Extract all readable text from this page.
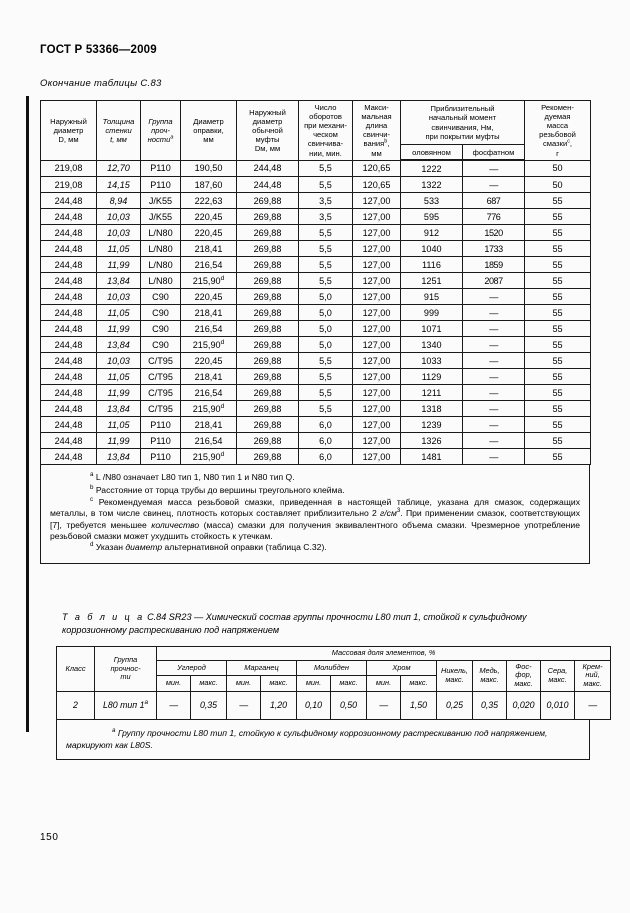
ГОСТ Р 53366—2009
Окончание таблицы С.83
Наружный
диаметр
D, мм	Толщина
стенки
t, мм	Группа
проч-
ности$^a$	Диаметр
оправки,
мм	Наружный
диаметр
обычной
муфты
Dм, мм	Число
оборотов
при механи-
ческом
свинчива-
нии, мин.	Макси-
мальная
длина
свинчи-
вания$^b$,
мм	Приблизительный
начальный момент
свинчивания, Нм,
при покрытии муфты	Рекомен-
дуемая
масса
резьбовой
смазки$^c$,
г
							оловянном	фосфатном	
219,08	12,70	P110	190,50	244,48	5,5	120,65	1222	—	50
219,08	14,15	P110	187,60	244,48	5,5	120,65	1322	—	50
244,48	8,94	J/K55	222,63	269,88	3,5	127,00	533	687	55
244,48	10,03	J/K55	220,45	269,88	3,5	127,00	595	776	55
244,48	10,03	L/N80	220,45	269,88	5,5	127,00	912	1520	55
244,48	11,05	L/N80	218,41	269,88	5,5	127,00	1040	1733	55
244,48	11,99	L/N80	216,54	269,88	5,5	127,00	1116	1859	55
244,48	13,84	L/N80	215,90$^d$	269,88	5,5	127,00	1251	2087	55
244,48	10,03	C90	220,45	269,88	5,0	127,00	915	—	55
244,48	11,05	C90	218,41	269,88	5,0	127,00	999	—	55
244,48	11,99	C90	216,54	269,88	5,0	127,00	1071	—	55
244,48	13,84	C90	215,90$^d$	269,88	5,0	127,00	1340	—	55
244,48	10,03	C/T95	220,45	269,88	5,5	127,00	1033	—	55
244,48	11,05	C/T95	218,41	269,88	5,5	127,00	1129	—	55
244,48	11,99	C/T95	216,54	269,88	5,5	127,00	1211	—	55
244,48	13,84	C/T95	215,90$^d$	269,88	5,5	127,00	1318	—	55
244,48	11,05	P110	218,41	269,88	6,0	127,00	1239	—	55
244,48	11,99	P110	216,54	269,88	6,0	127,00	1326	—	55
244,48	13,84	P110	215,90$^d$	269,88	6,0	127,00	1481	—	55

$^a$ L /N80 означает L80 тип 1, N80 тип 1 и N80 тип Q.

$^b$ Расстояние от торца трубы до вершины треугольного клейма.

$^c$ Рекомендуемая масса резьбовой смазки, приведенная в настоящей таблице, указана для смазок, содержащих металлы, в том числе свинец, плотность которых составляет приблизительно 2 $г/см^3$. При применении смазок, соответствующих [7], требуется меньшее количество (масса) смазки для получения эквивалентного объема смазки. Чрезмерное употребление резьбовой смазки может ухудшить стойкость к утечкам.

$^d$ Указан диаметр альтернативной оправки (таблица С.32).

Т а б л и ц а С.84 SR23 — Химический состав группы прочности L80 тип 1, стойкой к сульфидному коррозионному растрескиванию под напряжением
Класс	Группа
прочнос-
ти	Массовая доля элементов, %												
		Углерод		Марганец		Молибден		Хром		Никель,
макс.	Медь,
макс.	Фос-
фор,
макс.	Сера,
макс.	Крем-
ний,
макс.
		мин.	макс.	мин.	макс.	мин.	макс.	мин.	макс.					
2	L80 тип 1$^a$	—	0,35	—	1,20	0,10	0,50	—	1,50	0,25	0,35	0,020	0,010	—

$^a$ Группу прочности L80 тип 1, стойкую к сульфидному коррозионному растрескиванию под напряжением, маркируют как L80S.

150
